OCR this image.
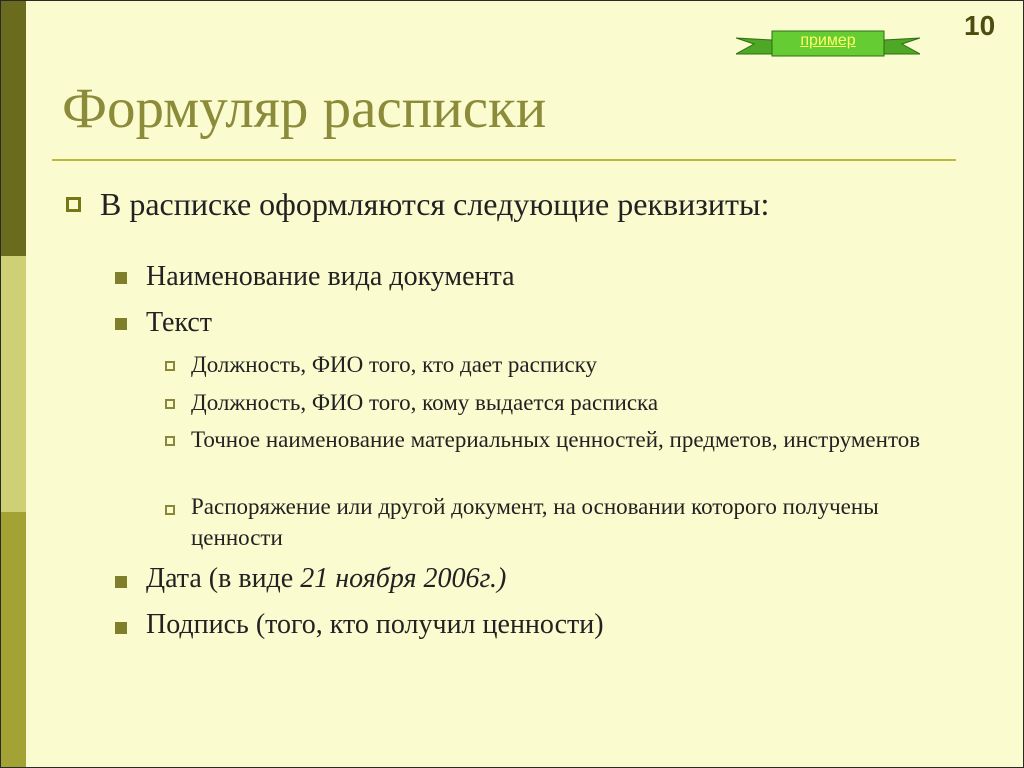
10
пример
Формуляр расписки

В расписке оформляются следующие реквизиты:

Наименование вида документа

Текст

Должность, ФИО того, кто дает расписку

Должность, ФИО того, кому выдается расписка

Точное наименование материальных ценностей, предметов, инструментов

Распоряжение или другой документ, на основании которого получены ценности

Дата (в виде 21 ноября 2006г.)

Подпись (того, кто получил ценности)
